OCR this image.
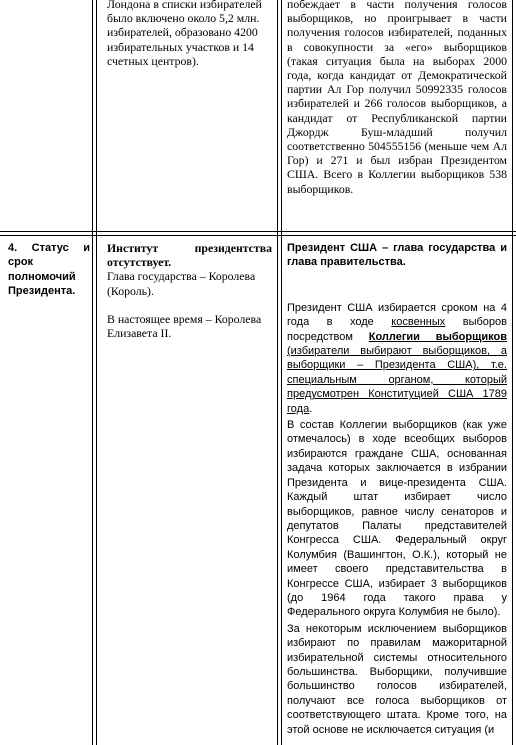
Лондона в списки избирателей было включено около 5,2 млн. избирателей, образовано 4200 избирательных участков и 14 счетных центров).

побеждает в части получения голосов выборщиков, но проигрывает в части получения голосов избирателей, поданных в совокупности за «его» выборщиков (такая ситуация была на выборах 2000 года, когда кандидат от Демократической партии Ал Гор получил 50992335 голосов избирателей и 266 голосов выборщиков, а кандидат от Республиканской партии Джордж Буш-младший получил соответственно 504555156 (меньше чем Ал Гор) и 271 и был избран Президентом США. Всего в Коллегии выборщиков 538 выборщиков.

4. Статус и срок полномочий Президента.

Институт президентства отсутствует.

Глава государства – Королева (Король).

В настоящее время – Королева Елизавета II.

Президент США – глава государства и глава правительства.

Президент США избирается сроком на 4 года в ходе косвенных выборов посредством Коллегии выборщиков (избиратели выбирают выборщиков, а выборщики – Президента США), т.е. специальным органом, который предусмотрен Конституцией США 1789 года.

В состав Коллегии выборщиков (как уже отмечалось) в ходе всеобщих выборов избираются граждане США, основанная задача которых заключается в избрании Президента и вице-президента США. Каждый штат избирает число выборщиков, равное числу сенаторов и депутатов Палаты представителей Конгресса США. Федеральный округ Колумбия (Вашингтон, О.К.), который не имеет своего представительства в Конгрессе США, избирает 3 выборщиков (до 1964 года такого права у Федерального округа Колумбия не было).

За некоторым исключением выборщиков избирают по правилам мажоритарной избирательной системы относительного большинства. Выборщики, получившие большинство голосов избирателей, получают все голоса выборщиков от соответствующего штата. Кроме того, на этой основе не исключается ситуация (и
